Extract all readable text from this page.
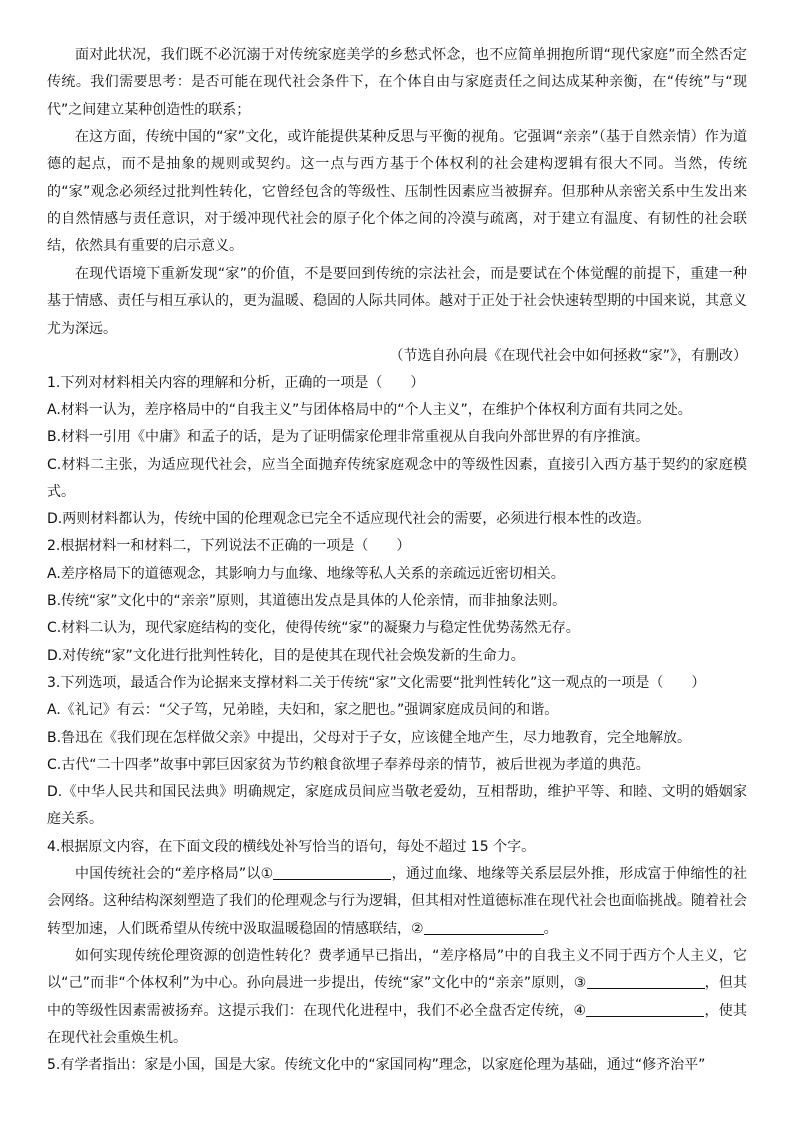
面对此状况，我们既不必沉溺于对传统家庭美学的乡愁式怀念，也不应简单拥抱所谓“现代家庭”而全然否定传统。我们需要思考：是否可能在现代社会条件下，在个体自由与家庭责任之间达成某种亲衡，在“传统”与“现代”之间建立某种创造性的联系；
在这方面，传统中国的“家”文化，或许能提供某种反思与平衡的视角。它强调“亲亲”（基于自然亲情）作为道德的起点，而不是抽象的规则或契约。这一点与西方基于个体权利的社会建构逻辑有很大不同。当然，传统的“家”观念必须经过批判性转化，它曾经包含的等级性、压制性因素应当被摒弃。但那种从亲密关系中生发出来的自然情感与责任意识，对于缓冲现代社会的原子化个体之间的冷漠与疏离，对于建立有温度、有韧性的社会联结，依然具有重要的启示意义。
在现代语境下重新发现“家”的价值，不是要回到传统的宗法社会，而是要试在个体觉醒的前提下，重建一种基于情感、责任与相互承认的，更为温暖、稳固的人际共同体。越对于正处于社会快速转型期的中国来说，其意义尤为深远。
（节选自孙向晨《在现代社会中如何拯救“家”》，有删改）
1.下列对材料相关内容的理解和分析，正确的一项是（　　）
A.材料一认为，差序格局中的“自我主义”与团体格局中的“个人主义”，在维护个体权利方面有共同之处。
B.材料一引用《中庸》和孟子的话，是为了证明儒家伦理非常重视从自我向外部世界的有序推演。
C.材料二主张，为适应现代社会，应当全面抛弃传统家庭观念中的等级性因素，直接引入西方基于契约的家庭模式。
D.两则材料都认为，传统中国的伦理观念已完全不适应现代社会的需要，必须进行根本性的改造。
2.根据材料一和材料二，下列说法不正确的一项是（　　）
A.差序格局下的道德观念，其影响力与血缘、地缘等私人关系的亲疏远近密切相关。
B.传统“家”文化中的“亲亲”原则，其道德出发点是具体的人伦亲情，而非抽象法则。
C.材料二认为，现代家庭结构的变化，使得传统“家”的凝聚力与稳定性优势荡然无存。
D.对传统“家”文化进行批判性转化，目的是使其在现代社会焕发新的生命力。
3.下列选项，最适合作为论据来支撑材料二关于传统“家”文化需要“批判性转化”这一观点的一项是（　　）
A.《礼记》有云：“父子笃，兄弟睦，夫妇和，家之肥也。”强调家庭成员间的和谐。
B.鲁迅在《我们现在怎样做父亲》中提出，父母对于子女，应该健全地产生，尽力地教育，完全地解放。
C.古代“二十四孝”故事中郭巨因家贫为节约粮食欲埋子奉养母亲的情节，被后世视为孝道的典范。
D.《中华人民共和国民法典》明确规定，家庭成员间应当敬老爱幼，互相帮助，维护平等、和睦、文明的婚姻家庭关系。
4.根据原文内容，在下面文段的横线处补写恰当的语句，每处不超过 15 个字。
中国传统社会的“差序格局”以①	，通过血缘、地缘等关系层层外推，形成富于伸缩性的社会网络。这种结构深刻塑造了我们的伦理观念与行为逻辑，但其相对性道德标准在现代社会也面临挑战。随着社会转型加速，人们既希望从传统中汲取温暖稳固的情感联结，②	。
如何实现传统伦理资源的创造性转化？费孝通早已指出，“差序格局”中的自我主义不同于西方个人主义，它以“己”而非“个体权利”为中心。孙向晨进一步提出，传统“家”文化中的“亲亲”原则，③	，但其中的等级性因素需被扬弃。这提示我们：在现代化进程中，我们不必全盘否定传统，④	，使其在现代社会重焕生机。
5.有学者指出：家是小国，国是大家。传统文化中的“家国同构”理念，以家庭伦理为基础，通过“修齐治平”
